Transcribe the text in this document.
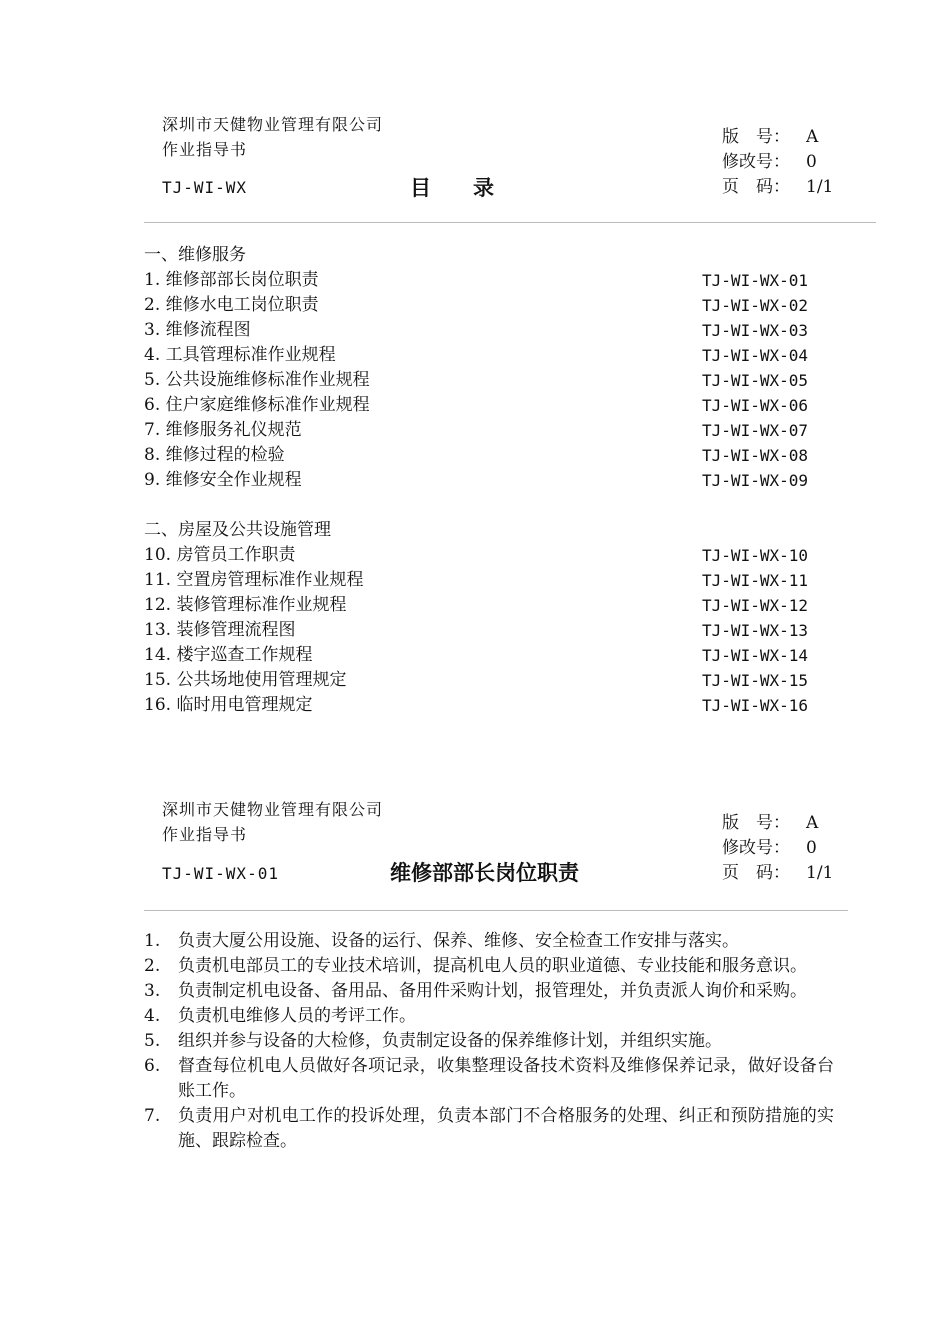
深圳市天健物业管理有限公司
作业指导书
TJ-WI-WX	目　　录
版　号： A
修改号： 0
页　码： 1/1
一、维修服务
1. 维修部部长岗位职责	TJ-WI-WX-01
2. 维修水电工岗位职责	TJ-WI-WX-02
3. 维修流程图	TJ-WI-WX-03
4. 工具管理标准作业规程	TJ-WI-WX-04
5. 公共设施维修标准作业规程	TJ-WI-WX-05
6. 住户家庭维修标准作业规程	TJ-WI-WX-06
7. 维修服务礼仪规范	TJ-WI-WX-07
8. 维修过程的检验	TJ-WI-WX-08
9. 维修安全作业规程	TJ-WI-WX-09
二、房屋及公共设施管理
10. 房管员工作职责	TJ-WI-WX-10
11. 空置房管理标准作业规程	TJ-WI-WX-11
12. 装修管理标准作业规程	TJ-WI-WX-12
13. 装修管理流程图	TJ-WI-WX-13
14. 楼宇巡查工作规程	TJ-WI-WX-14
15. 公共场地使用管理规定	TJ-WI-WX-15
16. 临时用电管理规定	TJ-WI-WX-16
深圳市天健物业管理有限公司
作业指导书
TJ-WI-WX-01	维修部部长岗位职责
版　号： A
修改号： 0
页　码： 1/1
1.	负责大厦公用设施、设备的运行、保养、维修、安全检查工作安排与落实。
2.	负责机电部员工的专业技术培训，提高机电人员的职业道德、专业技能和服务意识。
3.	负责制定机电设备、备用品、备用件采购计划，报管理处，并负责派人询价和采购。
4.	负责机电维修人员的考评工作。
5.	组织并参与设备的大检修，负责制定设备的保养维修计划，并组织实施。
6.	督查每位机电人员做好各项记录，收集整理设备技术资料及维修保养记录，做好设备台账工作。
7.	负责用户对机电工作的投诉处理，负责本部门不合格服务的处理、纠正和预防措施的实施、跟踪检查。
